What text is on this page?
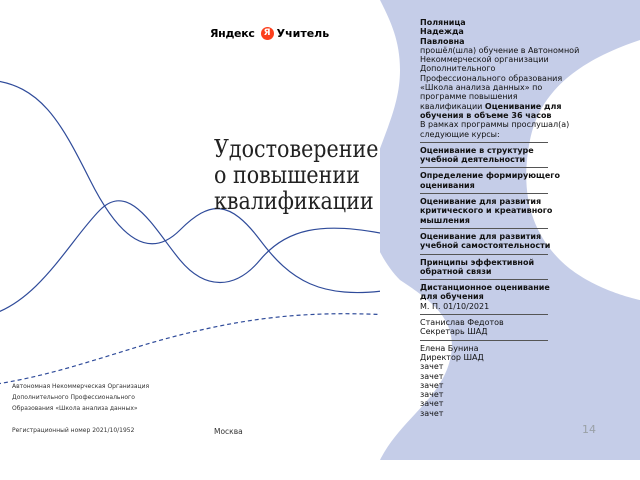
Яндекс	Я Учитель
Удостоверение
о повышении
квалификации
Автономная Некоммерческая Организация
Дополнительного Профессионального
Образования «Школа анализа данных»
Регистрационный номер 2021/10/1952	Москва
Поляница
Надежда
Павловна
прошёл(шла) обучение в Автономной
Некоммерческой организации
Дополнительного
Профессионального образования
«Школа анализа данных» по
программе повышения
квалификации Оценивание для
обучения в объеме 36 часов
В рамках программы прослушал(а)
следующие курсы:
Оценивание в структуре
учебной деятельности
Определение формирующего
оценивания
Оценивание для развития
критического и креативного
мышления
Оценивание для развития
учебной самостоятельности
Принципы эффективной
обратной связи
Дистанционное оценивание
для обучения
М. П. 01/10/2021
Станислав Федотов
Секретарь ШАД
Елена Бунина
Директор ШАД
зачет
зачет
зачет
зачет
зачет
зачет
14
